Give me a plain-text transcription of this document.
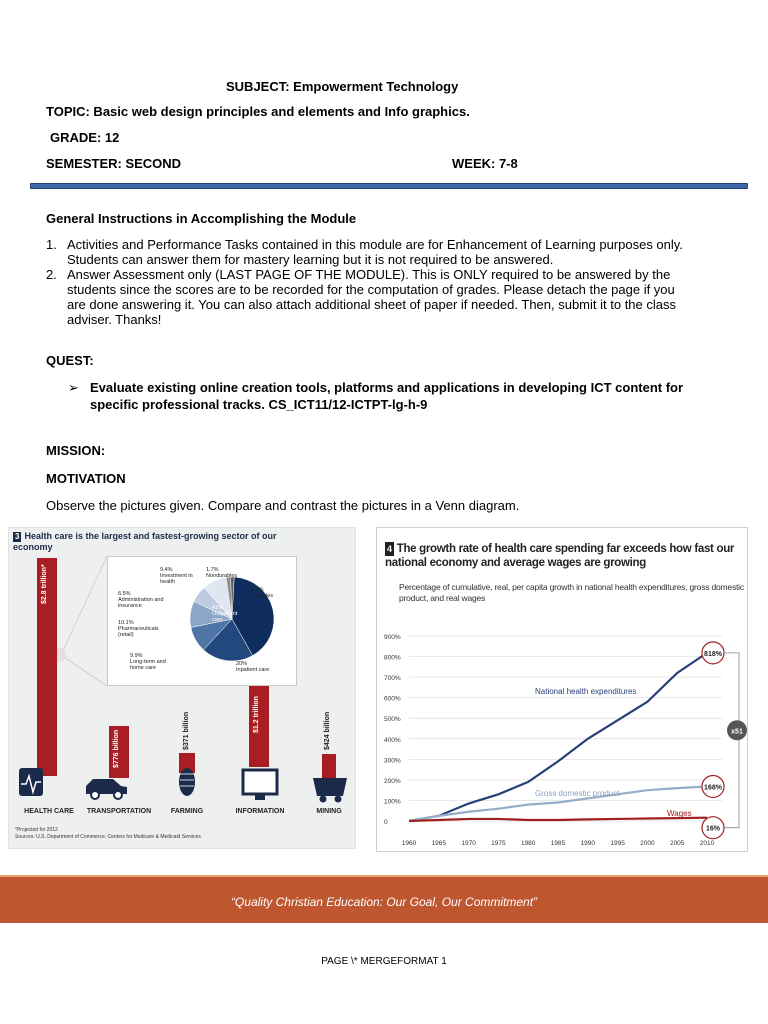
SUBJECT: Empowerment Technology
TOPIC: Basic web design principles and elements and Info graphics.
GRADE: 12
SEMESTER: SECOND	WEEK: 7-8
General Instructions in Accomplishing the Module
1. Activities and Performance Tasks contained in this module are for Enhancement of Learning purposes only. Students can answer them for mastery learning but it is not required to be answered.
2. Answer Assessment only (LAST PAGE OF THE MODULE). This is ONLY required to be answered by the students since the scores are to be recorded for the computation of grades. Please detach the page if you are done answering it. You can also attach additional sheet of paper if needed. Then, submit it to the class adviser. Thanks!
QUEST:
➢ Evaluate existing online creation tools, platforms and applications in developing ICT content for specific professional tracks. CS_ICT11/12-ICTPT-lg-h-9
MISSION:
MOTIVATION
Observe the pictures given. Compare and contrast the pictures in a Venn diagram.
3 Health care is the largest and fastest-growing sector of our economy
$2.8 trillion*
$776 billion	$371 billion	$1.2 trillion	$424 billion
HEALTH CARE	TRANSPORTATION	FARMING	INFORMATION	MINING
*Projected for 2012
Sources: U.S. Department of Commerce, Centers for Medicare & Medicaid Services
9.4%
Investment in health
1.7%
Nondurables
6.5%
Administration and insurance
1.3%
Durables
10.1%
Pharmaceuticals (retail)
41%
Outpatient care
9.9%
Long-term and home care
20%
Inpatient care
4 The growth rate of health care spending far exceeds how fast our national economy and average wages are growing
Percentage of cumulative, real, per capita growth in national health expenditures, gross domestic product, and real wages
0
100%
200%
300%
400%
500%
600%
700%
800%
900%
1960 1965 1970 1975 1980 1985 1990 1995 2000 2005 2010
National health expenditures
Gross domestic product
Wages
818%
168%
16%
x51
“Quality Christian Education: Our Goal, Our Commitment”
PAGE \* MERGEFORMAT 1
